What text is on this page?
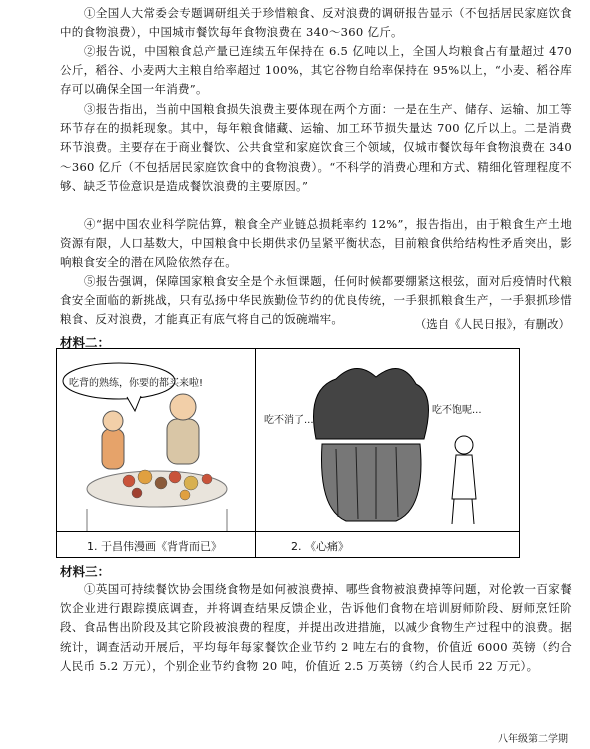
①全国人大常委会专题调研组关于珍惜粮食、反对浪费的调研报告显示（不包括居民家庭饮食中的食物浪费），中国城市餐饮每年食物浪费在 340～360 亿斤。

②报告说，中国粮食总产量已连续五年保持在 6.5 亿吨以上，全国人均粮食占有量超过 470 公斤，稻谷、小麦两大主粮自给率超过 100%，其它谷物自给率保持在 95%以上，“小麦、稻谷库存可以确保全国一年消费”。

③报告指出，当前中国粮食损失浪费主要体现在两个方面：一是在生产、储存、运输、加工等环节存在的损耗现象。其中，每年粮食储藏、运输、加工环节损失量达 700 亿斤以上。二是消费环节浪费。主要存在于商业餐饮、公共食堂和家庭饮食三个领域，仅城市餐饮每年食物浪费在 340～360 亿斤（不包括居民家庭饮食中的食物浪费）。“不科学的消费心理和方式、精细化管理程度不够、缺乏节俭意识是造成餐饮浪费的主要原因。”

④“据中国农业科学院估算，粮食全产业链总损耗率约 12%”，报告指出，由于粮食生产土地资源有限，人口基数大，中国粮食中长期供求仍呈紧平衡状态，目前粮食供给结构性矛盾突出，影响粮食安全的潜在风险依然存在。

⑤报告强调，保障国家粮食安全是个永恒课题，任何时候都要绷紧这根弦，面对后疫情时代粮食安全面临的新挑战，只有弘扬中华民族勤俭节约的优良传统，一手狠抓粮食生产，一手狠抓珍惜粮食、反对浪费，才能真正有底气将自己的饭碗端牢。	（选自《人民日报》，有删改）
材料二：
吃背的熟练，你要的都买来啦!
吃不消了...
吃不饱呢...
1. 于昌伟漫画《背背而已》	2. 《心痛》
材料三：

①英国可持续餐饮协会围绕食物是如何被浪费掉、哪些食物被浪费掉等问题，对伦敦一百家餐饮企业进行跟踪摸底调查，并将调查结果反馈企业，告诉他们食物在培训厨师阶段、厨师烹饪阶段、食品售出阶段及其它阶段被浪费的程度，并提出改进措施，以减少食物生产过程中的浪费。据统计，调查活动开展后，平均每年每家餐饮企业节约 2 吨左右的食物，价值近 6000 英镑（约合人民币 5.2 万元），个别企业节约食物 20 吨，价值近 2.5 万英镑（约合人民币 22 万元）。

八年级第二学期
